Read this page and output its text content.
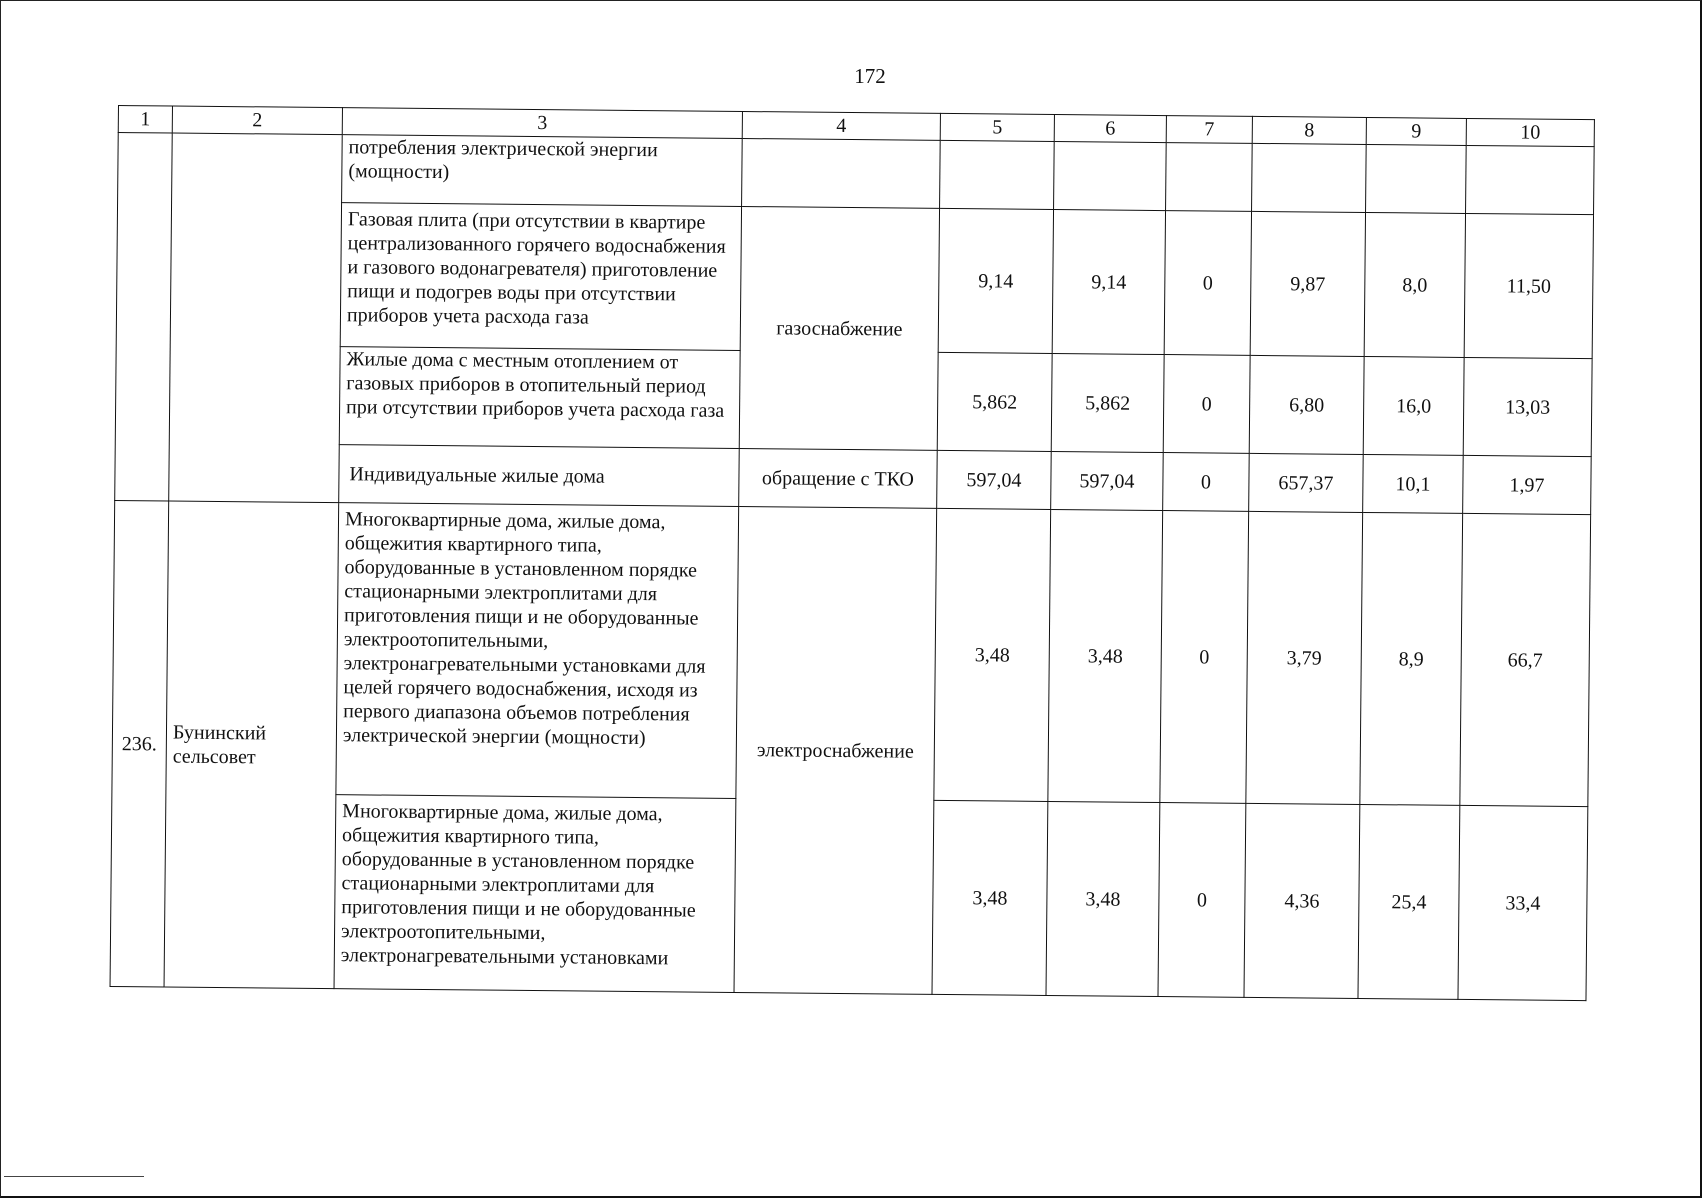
172
1	2	3	4	5	6	7	8	9	10
		потребления электрической энергии (мощности)							
		Газовая плита (при отсутствии в квартире централизованного горячего водоснабжения и газового водонагревателя) приготовление пищи и подогрев воды при отсутствии приборов учета расхода газа	газоснабжение	9,14	9,14	0	9,87	8,0	11,50
		Жилые дома с местным отоплением от газовых приборов в отопительный период при отсутствии приборов учета расхода газа		5,862	5,862	0	6,80	16,0	13,03
		Индивидуальные жилые дома	обращение с ТКО	597,04	597,04	0	657,37	10,1	1,97
236.	Бунинский сельсовет	Многоквартирные дома, жилые дома, общежития квартирного типа, оборудованные в установленном порядке стационарными электроплитами для приготовления пищи и не оборудованные электроотопительными, электронагревательными установками для целей горячего водоснабжения, исходя из первого диапазона объемов потребления электрической энергии (мощности)	электроснабжение	3,48	3,48	0	3,79	8,9	66,7
		Многоквартирные дома, жилые дома, общежития квартирного типа, оборудованные в установленном порядке стационарными электроплитами для приготовления пищи и не оборудованные электроотопительными, электронагревательными установками		3,48	3,48	0	4,36	25,4	33,4
